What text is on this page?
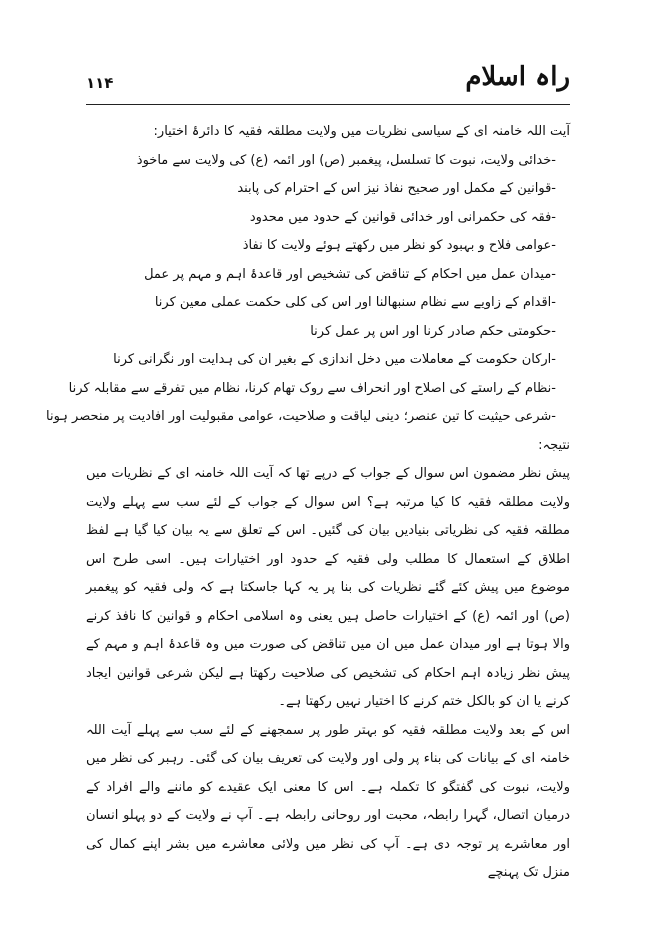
۱۱۴	راہ اسلام
آیت اللہ خامنہ ای کے سیاسی نظریات میں ولایت مطلقہ فقیہ کا دائرۂ اختیار:
- خدائی ولایت، نبوت کا تسلسل، پیغمبر (ص) اور ائمہ (ع) کی ولایت سے ماخوذ
- قوانین کے مکمل اور صحیح نفاذ نیز اس کے احترام کی پابند
- فقہ کی حکمرانی اور خدائی قوانین کے حدود میں محدود
- عوامی فلاح و بہبود کو نظر میں رکھتے ہوئے ولایت کا نفاذ
- میدان عمل میں احکام کے تناقض کی تشخیص اور قاعدۂ اہم و مہم پر عمل
- اقدام کے زاویے سے نظام سنبھالنا اور اس کی کلی حکمت عملی معین کرنا
- حکومتی حکم صادر کرنا اور اس پر عمل کرنا
- ارکان حکومت کے معاملات میں دخل اندازی کے بغیر ان کی ہدایت اور نگرانی کرنا
- نظام کے راستے کی اصلاح اور انحراف سے روک تھام کرنا، نظام میں تفرقے سے مقابلہ کرنا
- شرعی حیثیت کا تین عنصر؛ دینی لیاقت و صلاحیت، عوامی مقبولیت اور افادیت پر منحصر ہونا
نتیجہ:

پیش نظر مضمون اس سوال کے جواب کے درپے تھا کہ آیت اللہ خامنہ ای کے نظریات میں ولایت مطلقہ فقیہ کا کیا مرتبہ ہے؟ اس سوال کے جواب کے لئے سب سے پہلے ولایت مطلقہ فقیہ کی نظریاتی بنیادیں بیان کی گئیں۔ اس کے تعلق سے یہ بیان کیا گیا ہے لفظ اطلاق کے استعمال کا مطلب ولی فقیہ کے حدود اور اختیارات ہیں۔ اسی طرح اس موضوع میں پیش کئے گئے نظریات کی بنا پر یہ کہا جاسکتا ہے کہ ولی فقیہ کو پیغمبر (ص) اور ائمہ (ع) کے اختیارات حاصل ہیں یعنی وہ اسلامی احکام و قوانین کا نافذ کرنے والا ہوتا ہے اور میدان عمل میں ان میں تناقض کی صورت میں وہ قاعدۂ اہم و مہم کے پیش نظر زیادہ اہم احکام کی تشخیص کی صلاحیت رکھتا ہے لیکن شرعی قوانین ایجاد کرنے یا ان کو بالکل ختم کرنے کا اختیار نہیں رکھتا ہے۔

اس کے بعد ولایت مطلقہ فقیہ کو بہتر طور پر سمجھنے کے لئے سب سے پہلے آیت اللہ خامنہ ای کے بیانات کی بناء پر ولی اور ولایت کی تعریف بیان کی گئی۔ رہبر کی نظر میں ولایت، نبوت کی گفتگو کا تکملہ ہے۔ اس کا معنی ایک عقیدے کو ماننے والے افراد کے درمیان اتصال، گہرا رابطہ، محبت اور روحانی رابطہ ہے۔ آپ نے ولایت کے دو پہلو انسان اور معاشرے پر توجہ دی ہے۔ آپ کی نظر میں ولائی معاشرے میں بشر اپنے کمال کی منزل تک پہنچے
